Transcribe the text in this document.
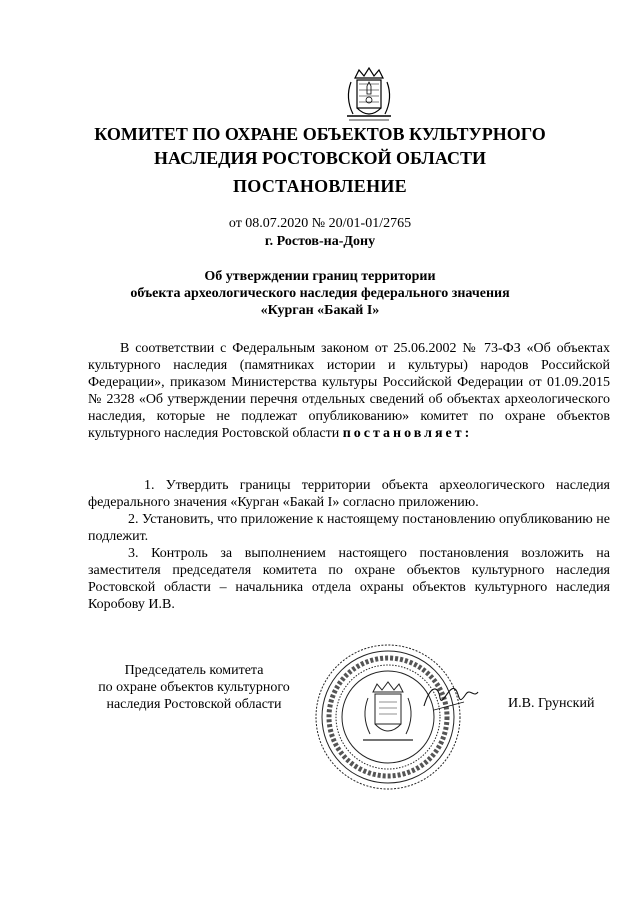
КОМИТЕТ ПО ОХРАНЕ ОБЪЕКТОВ КУЛЬТУРНОГО
НАСЛЕДИЯ РОСТОВСКОЙ ОБЛАСТИ
ПОСТАНОВЛЕНИЕ
от 08.07.2020 № 20/01-01/2765
г. Ростов-на-Дону
Об утверждении границ территории
объекта археологического наследия федерального значения
«Курган «Бакай I»
В соответствии с Федеральным законом от 25.06.2002 № 73-ФЗ «Об объектах культурного наследия (памятниках истории и культуры) народов Российской Федерации», приказом Министерства культуры Российской Федерации от 01.09.2015 № 2328 «Об утверждении перечня отдельных сведений об объектах археологического наследия, которые не подлежат опубликованию» комитет по охране объектов культурного наследия Ростовской области постановляет:
1. Утвердить границы территории объекта археологического наследия федерального значения «Курган «Бакай I» согласно приложению.
2. Установить, что приложение к настоящему постановлению опубликованию не подлежит.
3. Контроль за выполнением настоящего постановления возложить на заместителя председателя комитета по охране объектов культурного наследия Ростовской области – начальника отдела охраны объектов культурного наследия Коробову И.В.
Председатель комитета
по охране объектов культурного
наследия Ростовской области	И.В. Грунский
